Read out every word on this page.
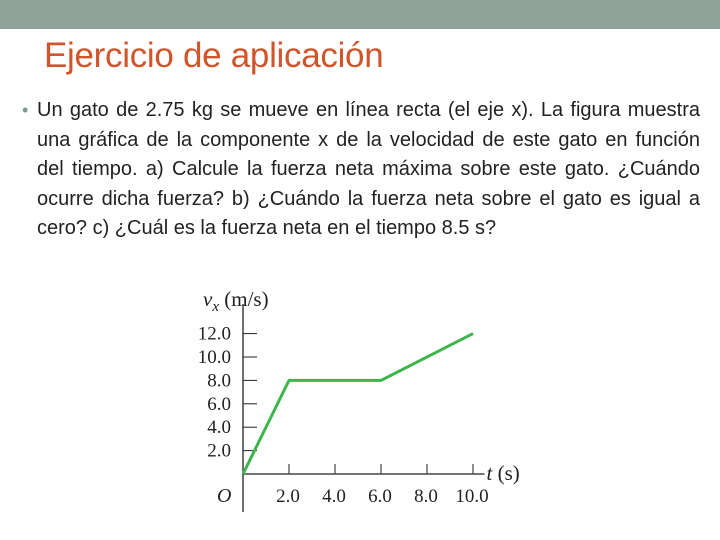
Ejercicio de aplicación
• Un gato de 2.75 kg se mueve en línea recta (el eje x). La figura muestra una gráfica de la componente x de la velocidad de este gato en función del tiempo. a) Calcule la fuerza neta máxima sobre este gato. ¿Cuándo ocurre dicha fuerza? b) ¿Cuándo la fuerza neta sobre el gato es igual a cero? c) ¿Cuál es la fuerza neta en el tiempo 8.5 s?
2.0
4.0
6.0
8.0
10.0
12.0
2.0 4.0 6.0 8.0 10.0
O
$v_x$ (m/s)
t (s)
